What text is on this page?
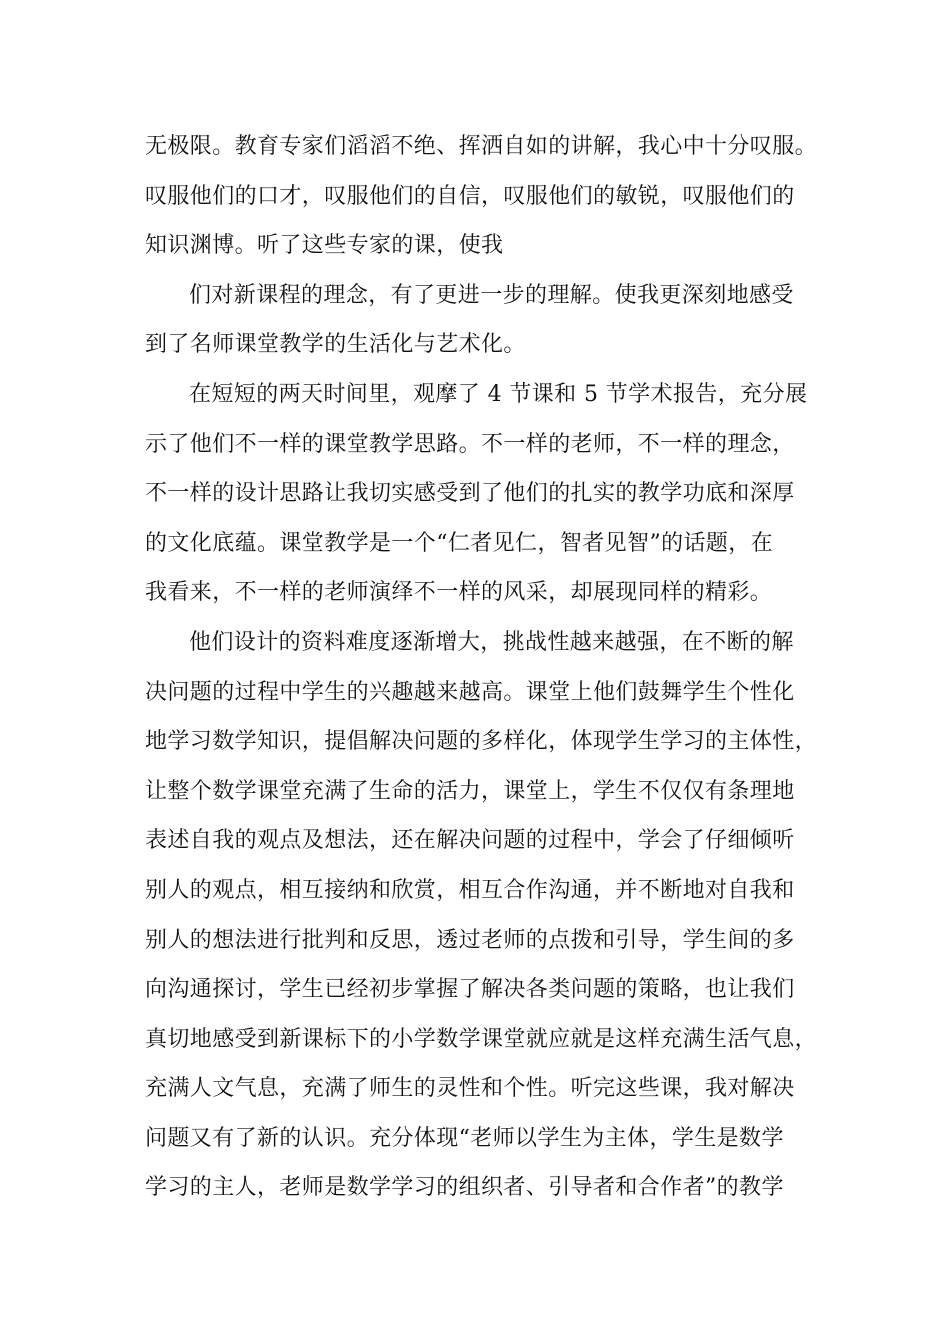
无极限。教育专家们滔滔不绝、挥洒自如的讲解，我心中十分叹服。
叹服他们的口才，叹服他们的自信，叹服他们的敏锐，叹服他们的
知识渊博。听了这些专家的课，使我
们对新课程的理念，有了更进一步的理解。使我更深刻地感受
到了名师课堂教学的生活化与艺术化。
在短短的两天时间里，观摩了 4 节课和 5 节学术报告，充分展
示了他们不一样的课堂教学思路。不一样的老师，不一样的理念，
不一样的设计思路让我切实感受到了他们的扎实的教学功底和深厚
的文化底蕴。课堂教学是一个“仁者见仁，智者见智”的话题，在
我看来，不一样的老师演绎不一样的风采，却展现同样的精彩。
他们设计的资料难度逐渐增大，挑战性越来越强，在不断的解
决问题的过程中学生的兴趣越来越高。课堂上他们鼓舞学生个性化
地学习数学知识，提倡解决问题的多样化，体现学生学习的主体性，
让整个数学课堂充满了生命的活力，课堂上，学生不仅仅有条理地
表述自我的观点及想法，还在解决问题的过程中，学会了仔细倾听
别人的观点，相互接纳和欣赏，相互合作沟通，并不断地对自我和
别人的想法进行批判和反思，透过老师的点拨和引导，学生间的多
向沟通探讨，学生已经初步掌握了解决各类问题的策略，也让我们
真切地感受到新课标下的小学数学课堂就应就是这样充满生活气息，
充满人文气息，充满了师生的灵性和个性。听完这些课，我对解决
问题又有了新的认识。充分体现“老师以学生为主体，学生是数学
学习的主人，老师是数学学习的组织者、引导者和合作者”的教学
